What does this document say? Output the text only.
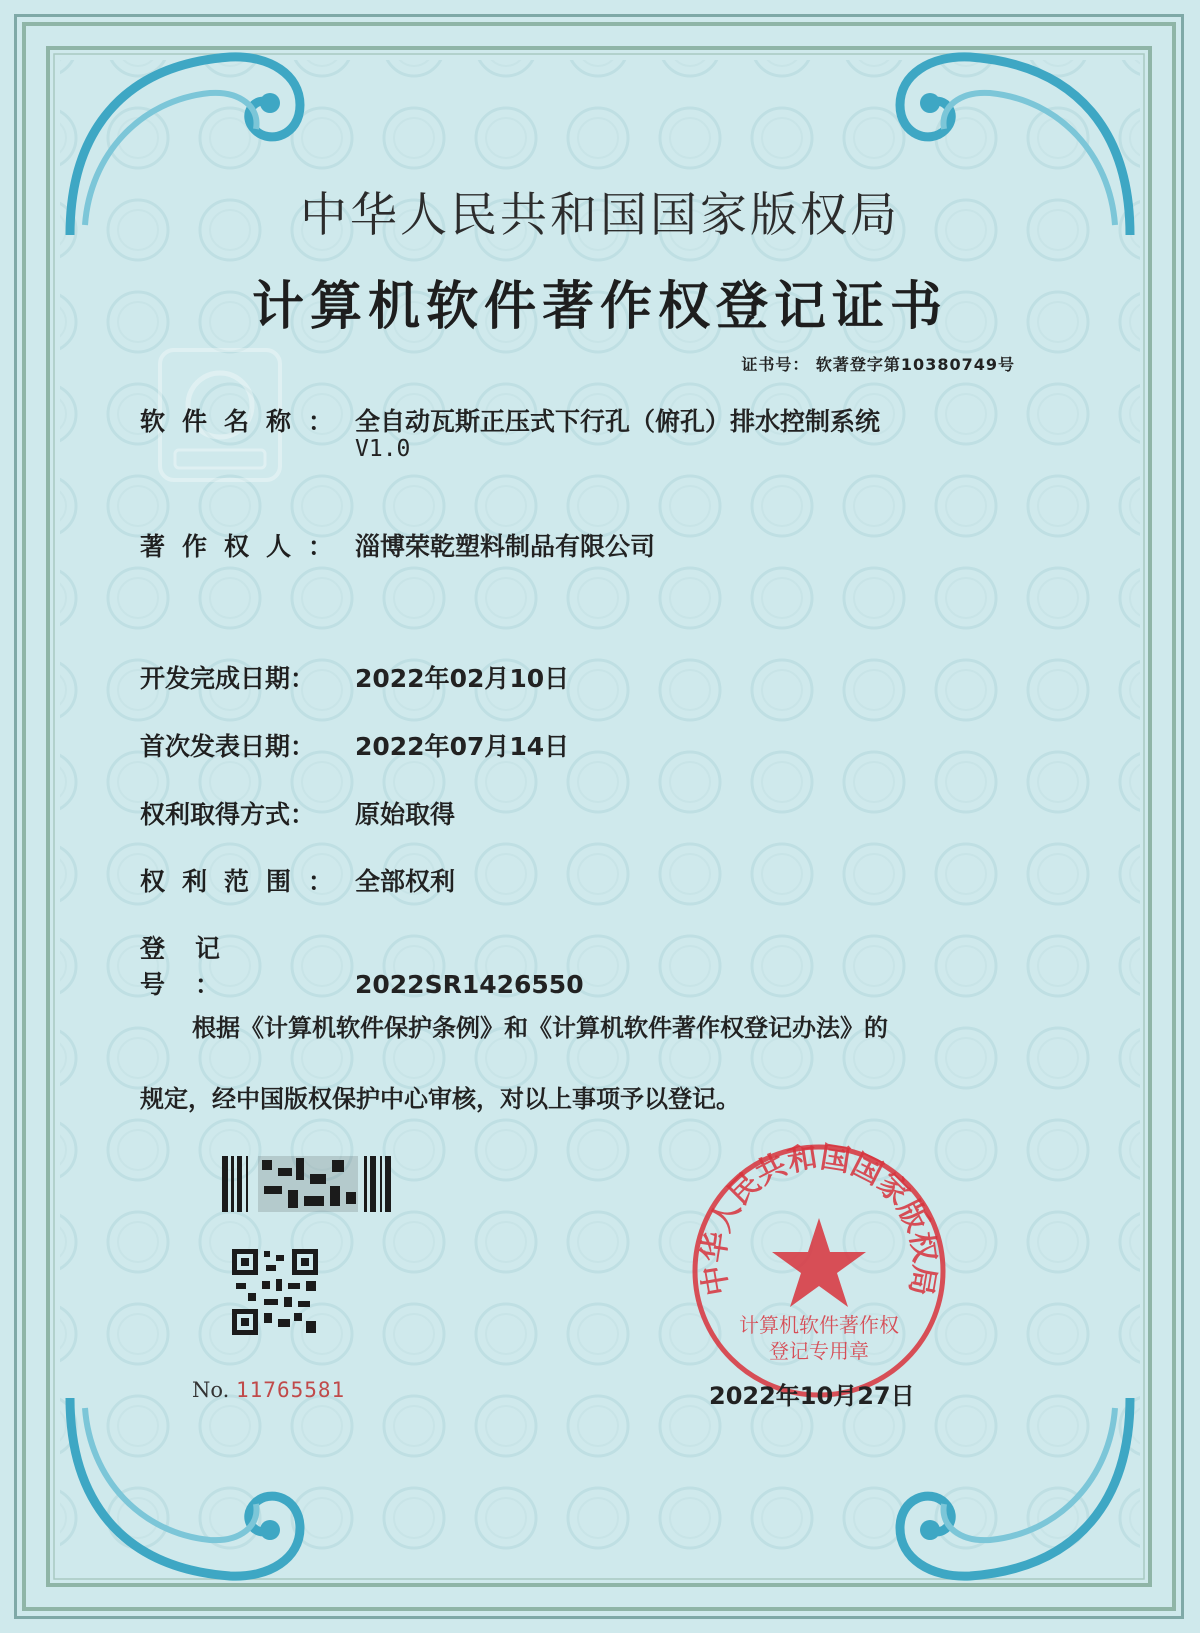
中华人民共和国国家版权局
计算机软件著作权登记证书
证书号： 软著登字第10380749号
软件名称： 全自动瓦斯正压式下行孔（俯孔）排水控制系统
V1.0
著作权人： 淄博荣乾塑料制品有限公司
开发完成日期： 2022年02月10日
首次发表日期： 2022年07月14日
权利取得方式： 原始取得
权利范围： 全部权利
登记号：	2022SR1426550
根据《计算机软件保护条例》和《计算机软件著作权登记办法》的
规定，经中国版权保护中心审核，对以上事项予以登记。
No. 11765581
中华人民共和国国家版权局
计算机软件著作权
登记专用章
2022年10月27日
